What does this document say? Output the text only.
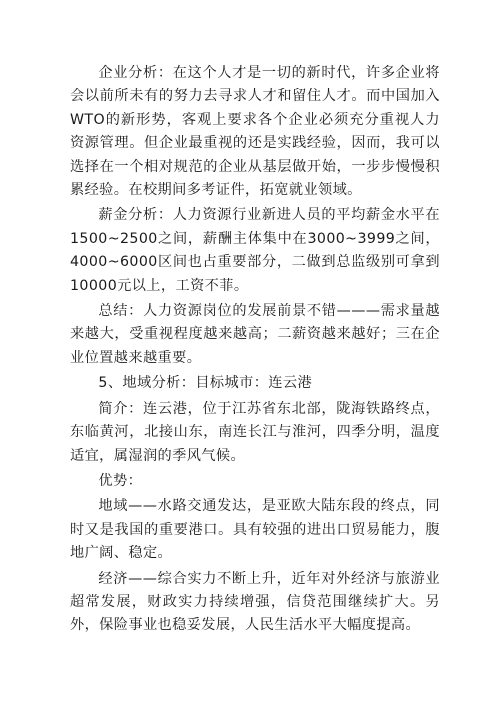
企业分析：在这个人才是一切的新时代，许多企业将会以前所未有的努力去寻求人才和留住人才。而中国加入WTO的新形势，客观上要求各个企业必须充分重视人力资源管理。但企业最重视的还是实践经验，因而，我可以选择在一个相对规范的企业从基层做开始，一步步慢慢积累经验。在校期间多考证件，拓宽就业领域。

薪金分析：人力资源行业新进人员的平均薪金水平在1500~2500之间，薪酬主体集中在3000~3999之间，4000~6000区间也占重要部分，二做到总监级别可拿到10000元以上，工资不菲。

总结：人力资源岗位的发展前景不错———需求量越来越大，受重视程度越来越高；二薪资越来越好；三在企业位置越来越重要。

5、地域分析：目标城市：连云港

简介：连云港，位于江苏省东北部，陇海铁路终点，东临黄河，北接山东，南连长江与淮河，四季分明，温度适宜，属湿润的季风气候。

优势：

地域——水路交通发达，是亚欧大陆东段的终点，同时又是我国的重要港口。具有较强的进出口贸易能力，腹地广阔、稳定。

经济——综合实力不断上升，近年对外经济与旅游业超常发展，财政实力持续增强，信贷范围继续扩大。另外，保险事业也稳妥发展，人民生活水平大幅度提高。
